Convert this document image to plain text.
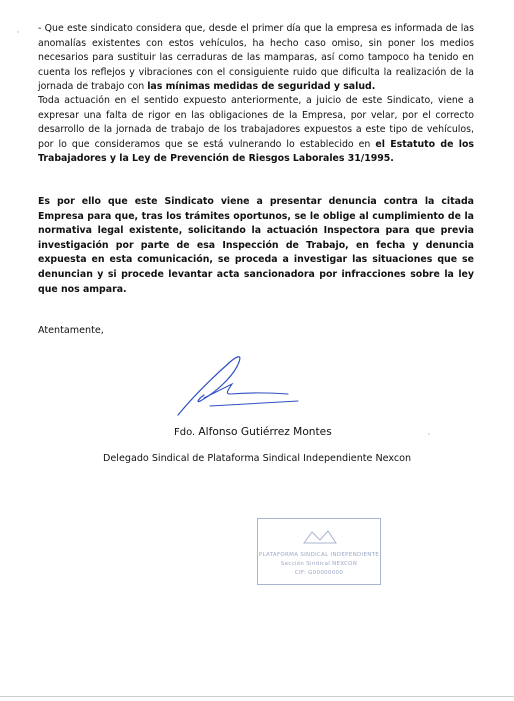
'
'
- Que este sindicato considera que, desde el primer día que la empresa es informada de las anomalías existentes con estos vehículos, ha hecho caso omiso, sin poner los medios necesarios para sustituir las cerraduras de las mamparas, así como tampoco ha tenido en cuenta los reflejos y vibraciones con el consiguiente ruido que dificulta la realización de la jornada de trabajo con las mínimas medidas de seguridad y salud.
Toda actuación en el sentido expuesto anteriormente, a juicio de este Sindicato, viene a expresar una falta de rigor en las obligaciones de la Empresa, por velar, por el correcto desarrollo de la jornada de trabajo de los trabajadores expuestos a este tipo de vehículos, por lo que consideramos que se está vulnerando lo establecido en el Estatuto de los Trabajadores y la Ley de Prevención de Riesgos Laborales 31/1995.
Es por ello que este Sindicato viene a presentar denuncia contra la citada Empresa para que, tras los trámites oportunos, se le oblige al cumplimiento de la normativa legal existente, solicitando la actuación Inspectora para que previa investigación por parte de esa Inspección de Trabajo, en fecha y denuncia expuesta en esta comunicación, se proceda a investigar las situaciones que se denuncian y si procede levantar acta sancionadora por infracciones sobre la ley que nos ampara.
Atentamente,
Fdo. Alfonso Gutiérrez Montes
Delegado Sindical de Plataforma Sindical Independiente Nexcon
PLATAFORMA SINDICAL INDEPENDIENTE
Sección Sindical NEXCON
CIF: G00000000
